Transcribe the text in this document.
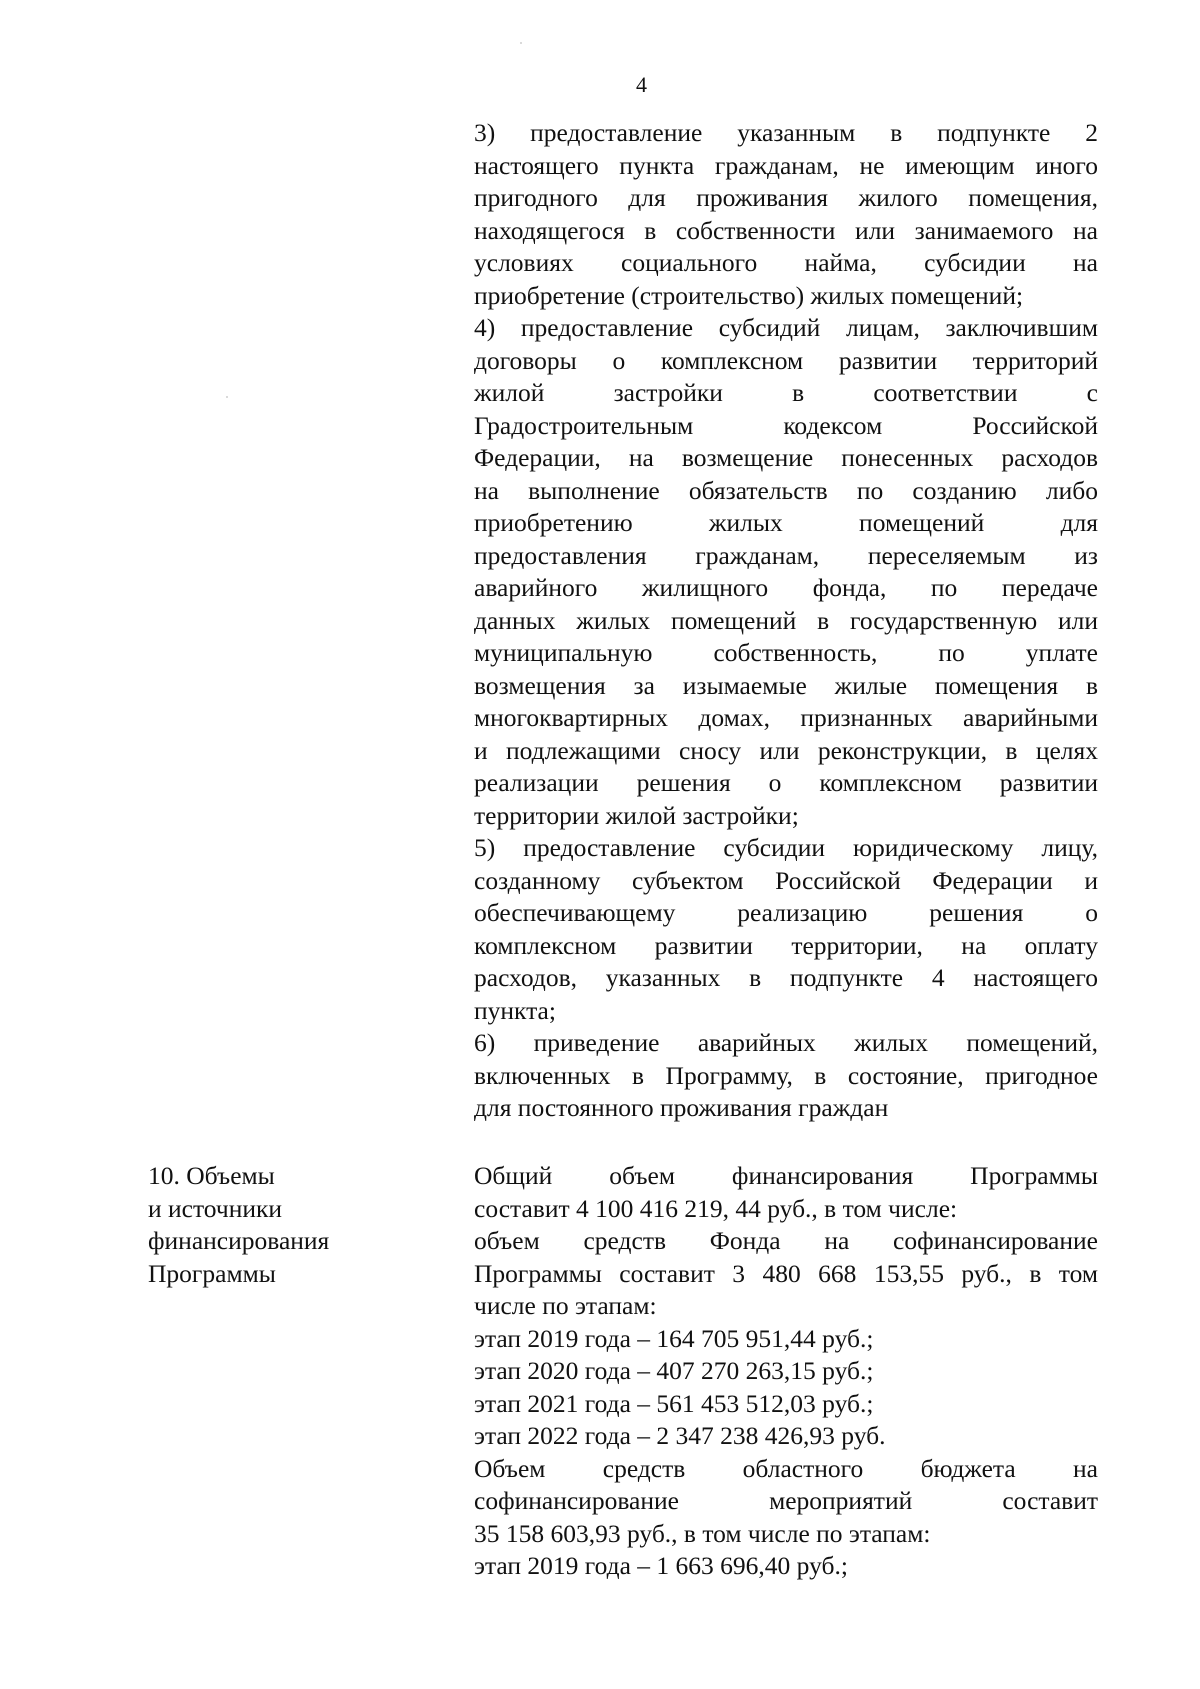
4
3) предоставление указанным в подпункте 2
настоящего пункта гражданам, не имеющим иного
пригодного для проживания жилого помещения,
находящегося в собственности или занимаемого на
условиях социального найма, субсидии на
приобретение (строительство) жилых помещений;
4) предоставление субсидий лицам, заключившим
договоры о комплексном развитии территорий
жилой застройки в соответствии с
Градостроительным кодексом Российской
Федерации, на возмещение понесенных расходов
на выполнение обязательств по созданию либо
приобретению жилых помещений для
предоставления гражданам, переселяемым из
аварийного жилищного фонда, по передаче
данных жилых помещений в государственную или
муниципальную собственность, по уплате
возмещения за изымаемые жилые помещения в
многоквартирных домах, признанных аварийными
и подлежащими сносу или реконструкции, в целях
реализации решения о комплексном развитии
территории жилой застройки;
5) предоставление субсидии юридическому лицу,
созданному субъектом Российской Федерации и
обеспечивающему реализацию решения о
комплексном развитии территории, на оплату
расходов, указанных в подпункте 4 настоящего
пункта;
6) приведение аварийных жилых помещений,
включенных в Программу, в состояние, пригодное
для постоянного проживания граждан
10. Объемы
и источники
финансирования
Программы
Общий объем финансирования Программы
составит 4 100 416 219, 44 руб., в том числе:
объем средств Фонда на софинансирование
Программы составит 3 480 668 153,55 руб., в том
числе по этапам:
этап 2019 года – 164 705 951,44 руб.;
этап 2020 года – 407 270 263,15 руб.;
этап 2021 года – 561 453 512,03 руб.;
этап 2022 года – 2 347 238 426,93 руб.
Объем средств областного бюджета на
софинансирование мероприятий составит
35 158 603,93 руб., в том числе по этапам:
этап 2019 года – 1 663 696,40 руб.;
